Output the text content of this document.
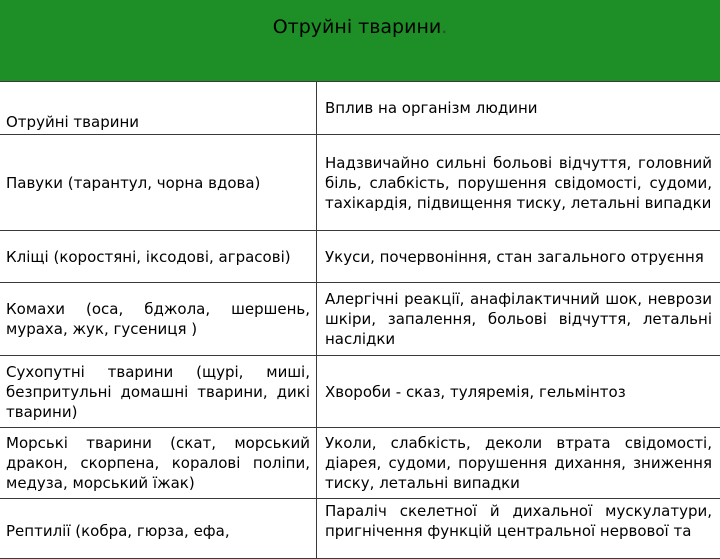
Отруйні тварини.
Отруйні тварини	Вплив на організм людини
Павуки (тарантул, чорна вдова)	Надзвичайно сильні больові відчуття, головний біль, слабкість, порушення свідомості, судоми, тахікардія, підвищення тиску, летальні випадки
Кліщі (коростяні, іксодові, аграсові)	Укуси, почервоніння, стан загального отруєння
Комахи (оса, бджола, шершень, мураха, жук, гусениця )	Алергічні реакції, анафілактичний шок, неврози шкіри, запалення, больові відчуття, летальні наслідки
Сухопутні тварини (щурі, миші, безпритульні домашні тварини, дикі тварини)	Хвороби - сказ, туляремія, гельмінтоз
Морські тварини (скат, морський дракон, скорпена, коралові поліпи, медуза, морський їжак)	Уколи, слабкість, деколи втрата свідомості, діарея, судоми, порушення дихання, зниження тиску, летальні випадки
Рептилії (кобра, гюрза, ефа,	Параліч скелетної й дихальної мускулатури, пригнічення функцій центральної нервової та
